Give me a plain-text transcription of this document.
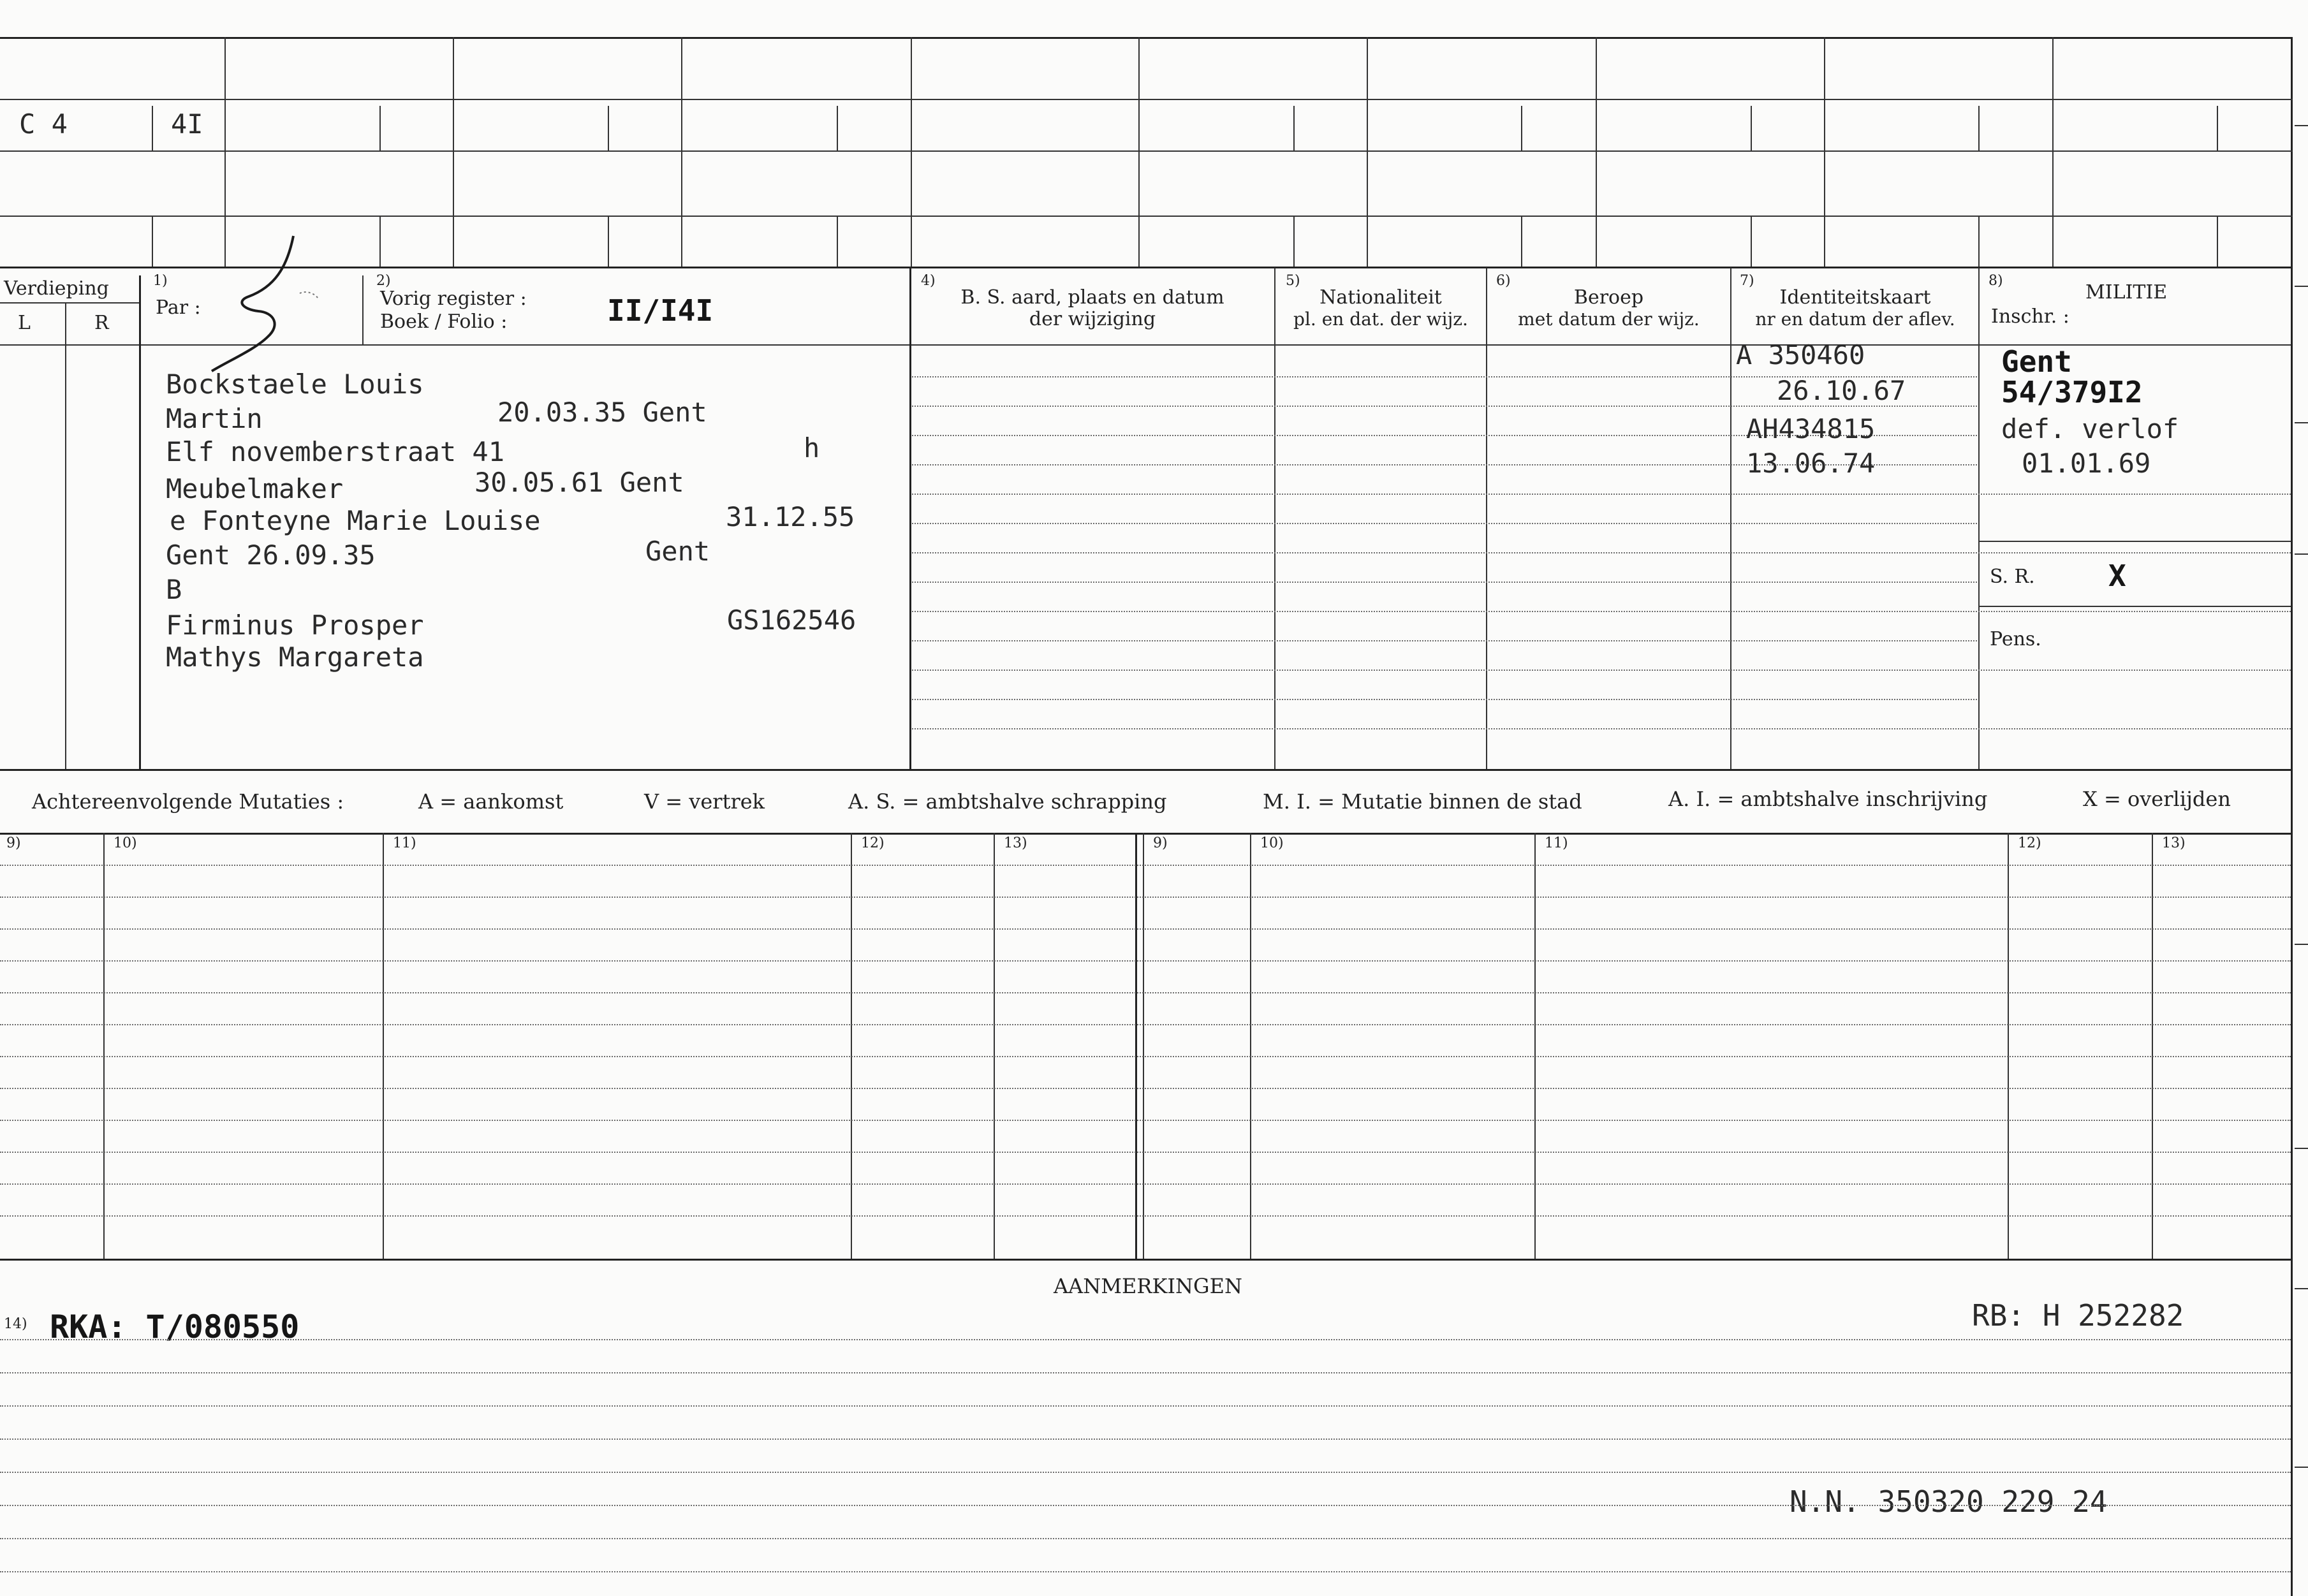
C 4	4I
Verdieping
L	R
1)
Par :
2)
Vorig register :
Boek / Folio :	II/I4I
4)
B. S. aard, plaats en datum
der wijziging
5)
Nationaliteit
pl. en dat. der wijz.
6)
Beroep
met datum der wijz.
7)
Identiteitskaart
nr en datum der aflev.
8)
MILITIE
Inschr. :
Bockstaele Louis
Martin	20.03.35 Gent
Elf novemberstraat 41	h
Meubelmaker	30.05.61 Gent
e Fonteyne Marie Louise	31.12.55
Gent 26.09.35	Gent
B
Firminus Prosper	GS162546
Mathys Margareta
A 350460
26.10.67
AH434815
13.06.74
Gent
54/379I2
def. verlof
01.01.69
S. R.	X
Pens.
Achtereenvolgende Mutaties :	A = aankomst	V = vertrek	A. S. = ambtshalve schrapping	M. I. = Mutatie binnen de stad	A. I. = ambtshalve inschrijving	X = overlijden
9)	10)	11)	12)	13)	9)	10)	11)	12)	13)
AANMERKINGEN
14) RKA: T/080550	RB: H 252282
N.N. 350320 229 24
